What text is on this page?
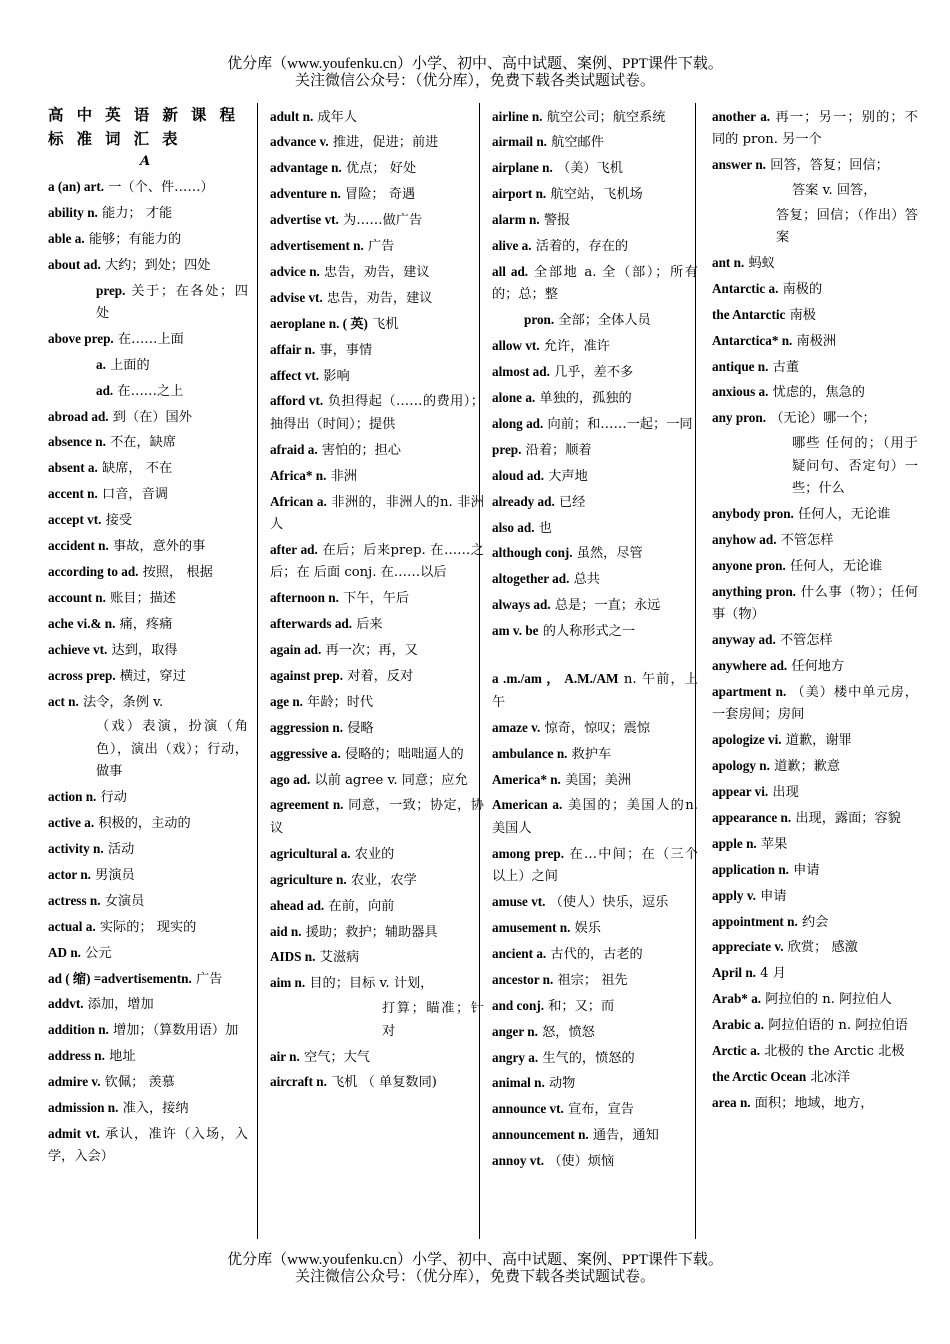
优分库（www.youfenku.cn）小学、初中、高中试题、案例、PPT课件下载。
关注微信公众号：（优分库），免费下载各类试题试卷。

高中英语新课程标准词汇表

A

a (an) art. 一（个、件……）

ability n. 能力； 才能

able a. 能够；有能力的

about ad. 大约；到处；四处

prep. 关于；在各处；四处

above prep. 在……上面

a. 上面的

ad. 在……之上

abroad ad. 到（在）国外

absence n. 不在，缺席

absent a. 缺席， 不在

accent n. 口音，音调

accept vt. 接受

accident n. 事故，意外的事

according to ad. 按照， 根据

account n. 账目；描述

ache vi.& n. 痛，疼痛

achieve vt. 达到，取得

across prep. 横过，穿过

act n. 法令，条例 v.

（戏）表演，扮演（角色），演出（戏）；行动，做事

action n. 行动

active a. 积极的，主动的

activity n. 活动

actor n. 男演员

actress n. 女演员

actual a. 实际的； 现实的

AD n. 公元

ad ( 缩) =advertisementn. 广告

addvt. 添加，增加

addition n. 增加；（算数用语）加

address n. 地址

admire v. 钦佩； 羡慕

admission n. 准入，接纳

admit vt. 承认，准许（入场，入学，入会）

adult n. 成年人

advance v. 推进，促进；前进

advantage n. 优点； 好处

adventure n. 冒险； 奇遇

advertise vt. 为……做广告

advertisement n. 广告

advice n. 忠告，劝告，建议

advise vt. 忠告，劝告，建议

aeroplane n. ( 英) 飞机

affair n. 事，事情

affect vt. 影响

afford vt. 负担得起（……的费用）；抽得出（时间）；提供

afraid a. 害怕的；担心

Africa* n. 非洲

African a. 非洲的，非洲人的n. 非洲人

after ad. 在后；后来prep. 在……之后；在 后面 conj. 在……以后

afternoon n. 下午，午后

afterwards ad. 后来

again ad. 再一次；再，又

against prep. 对着，反对

age n. 年龄；时代

aggression n. 侵略

aggressive a. 侵略的；咄咄逼人的

ago ad. 以前 agree v. 同意；应允

agreement n. 同意，一致；协定，协议

agricultural a. 农业的

agriculture n. 农业，农学

ahead ad. 在前，向前

aid n. 援助；救护；辅助器具

AIDS n. 艾滋病

aim n. 目的；目标 v. 计划，

打算；瞄准；针对

air n. 空气；大气

aircraft n. 飞机 （ 单复数同)

airline n. 航空公司；航空系统

airmail n. 航空邮件

airplane n. （美）飞机

airport n. 航空站，飞机场

alarm n. 警报

alive a. 活着的，存在的

all ad. 全部地 a. 全（部）；所有的；总；整

pron. 全部；全体人员

allow vt. 允许，准许

almost ad. 几乎，差不多

alone a. 单独的，孤独的

along ad. 向前；和……一起；一同

prep. 沿着；顺着

aloud ad. 大声地

already ad. 已经

also ad. 也

although conj. 虽然，尽管

altogether ad. 总共

always ad. 总是；一直；永远

am v. be 的人称形式之一

a .m./am ， A.M./AM n. 午前，上午

amaze v. 惊奇，惊叹；震惊

ambulance n. 救护车

America* n. 美国；美洲

American a. 美国的；美国人的n. 美国人

among prep. 在…中间；在（三个以上）之间

amuse vt. （使人）快乐，逗乐

amusement n. 娱乐

ancient a. 古代的，古老的

ancestor n. 祖宗； 祖先

and conj. 和；又；而

anger n. 怒，愤怒

angry a. 生气的，愤怒的

animal n. 动物

announce vt. 宣布，宣告

announcement n. 通告，通知

annoy vt. （使）烦恼

another a. 再一；另一；别的；不同的 pron. 另一个

answer n. 回答，答复；回信；

答案 v. 回答，

答复；回信；（作出）答案

ant n. 蚂蚁

Antarctic a. 南极的

the Antarctic 南极

Antarctica* n. 南极洲

antique n. 古董

anxious a. 忧虑的，焦急的

any pron. （无论）哪一个；

哪些 任何的；（用于疑问句、否定句）一些；什么

anybody pron. 任何人，无论谁

anyhow ad. 不管怎样

anyone pron. 任何人，无论谁

anything pron. 什么事（物）；任何事（物）

anyway ad. 不管怎样

anywhere ad. 任何地方

apartment n. （美）楼中单元房，一套房间；房间

apologize vi. 道歉，谢罪

apology n. 道歉；歉意

appear vi. 出现

appearance n. 出现，露面；容貌

apple n. 苹果

application n. 申请

apply v. 申请

appointment n. 约会

appreciate v. 欣赏； 感激

April n. 4 月

Arab* a. 阿拉伯的 n. 阿拉伯人

Arabic a. 阿拉伯语的 n. 阿拉伯语

Arctic a. 北极的 the Arctic 北极

the Arctic Ocean 北冰洋

area n. 面积；地域，地方，

优分库（www.youfenku.cn）小学、初中、高中试题、案例、PPT课件下载。
关注微信公众号：（优分库），免费下载各类试题试卷。
